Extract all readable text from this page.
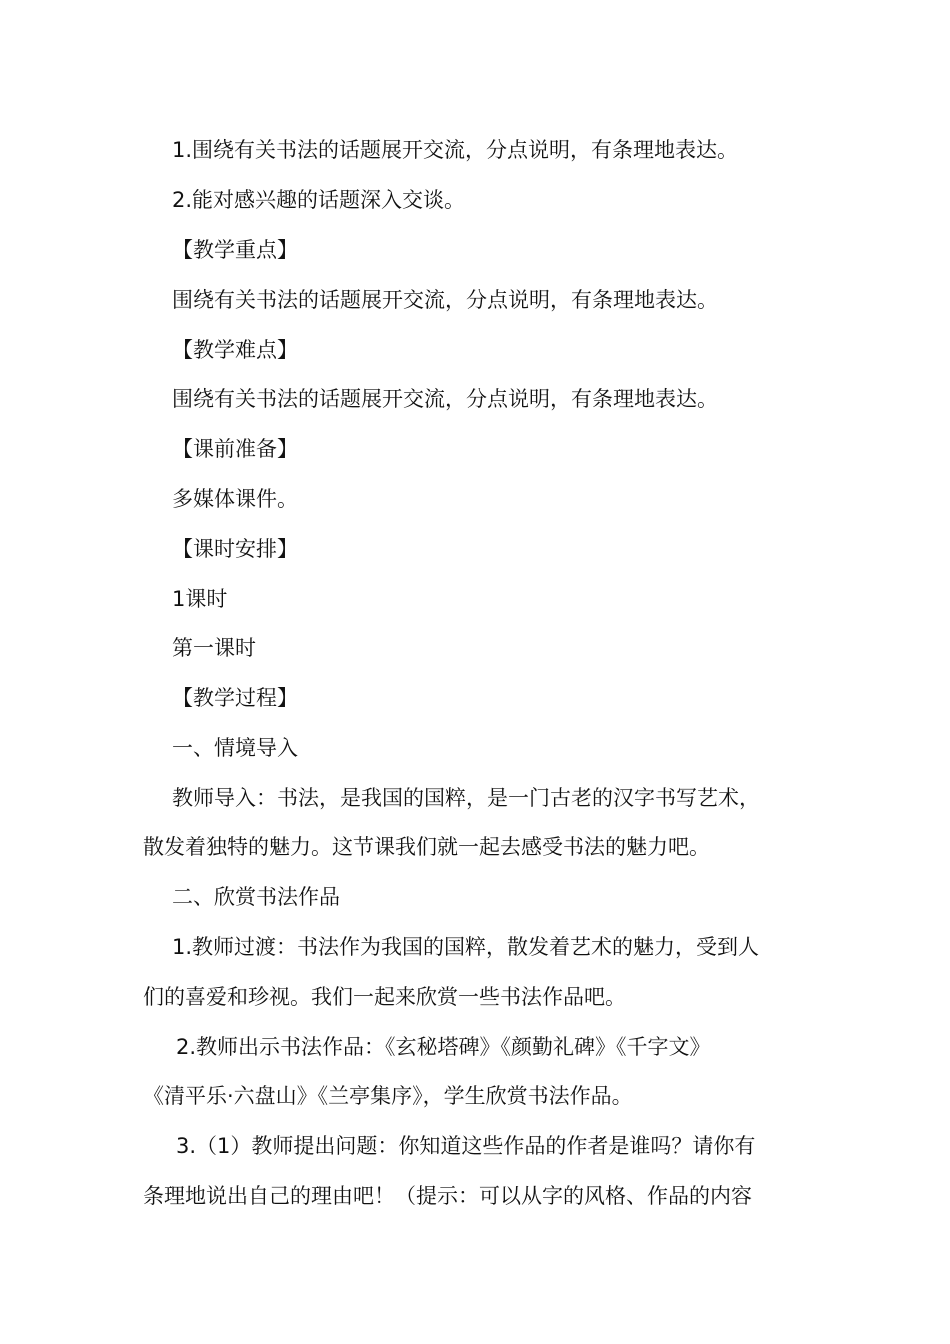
1.围绕有关书法的话题展开交流，分点说明，有条理地表达。
2.能对感兴趣的话题深入交谈。
【教学重点】
围绕有关书法的话题展开交流，分点说明，有条理地表达。
【教学难点】
围绕有关书法的话题展开交流，分点说明，有条理地表达。
【课前准备】
多媒体课件。
【课时安排】
1课时
第一课时
【教学过程】
一、情境导入
教师导入：书法，是我国的国粹，是一门古老的汉字书写艺术，
散发着独特的魅力。这节课我们就一起去感受书法的魅力吧。
二、欣赏书法作品
1.教师过渡：书法作为我国的国粹，散发着艺术的魅力，受到人
们的喜爱和珍视。我们一起来欣赏一些书法作品吧。
2.教师出示书法作品：《玄秘塔碑》《颜勤礼碑》《千字文》
《清平乐·六盘山》《兰亭集序》，学生欣赏书法作品。
3.（1）教师提出问题：你知道这些作品的作者是谁吗？请你有
条理地说出自己的理由吧！（提示：可以从字的风格、作品的内容
